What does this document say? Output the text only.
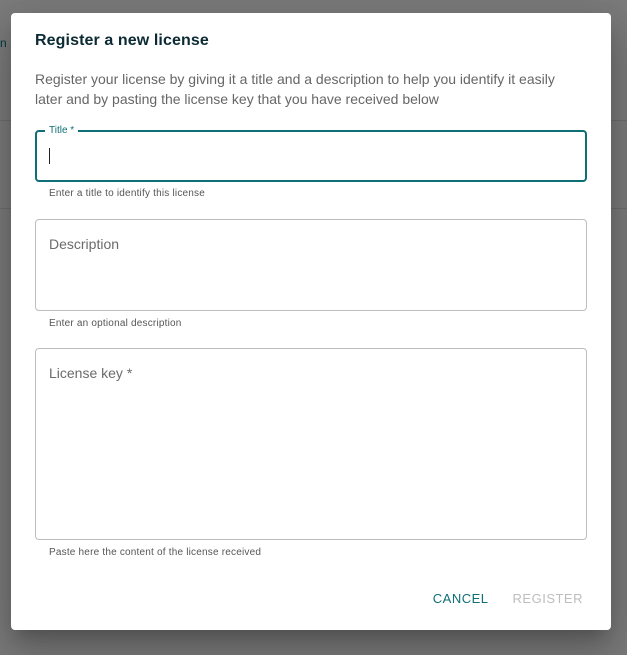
n Register a new license

Register your license by giving it a title and a description to help you identify it easily later and by pasting the license key that you have received below

Title *
Enter a title to identify this license
Description
Enter an optional description
License key *
Paste here the content of the license received
CANCEL	REGISTER
